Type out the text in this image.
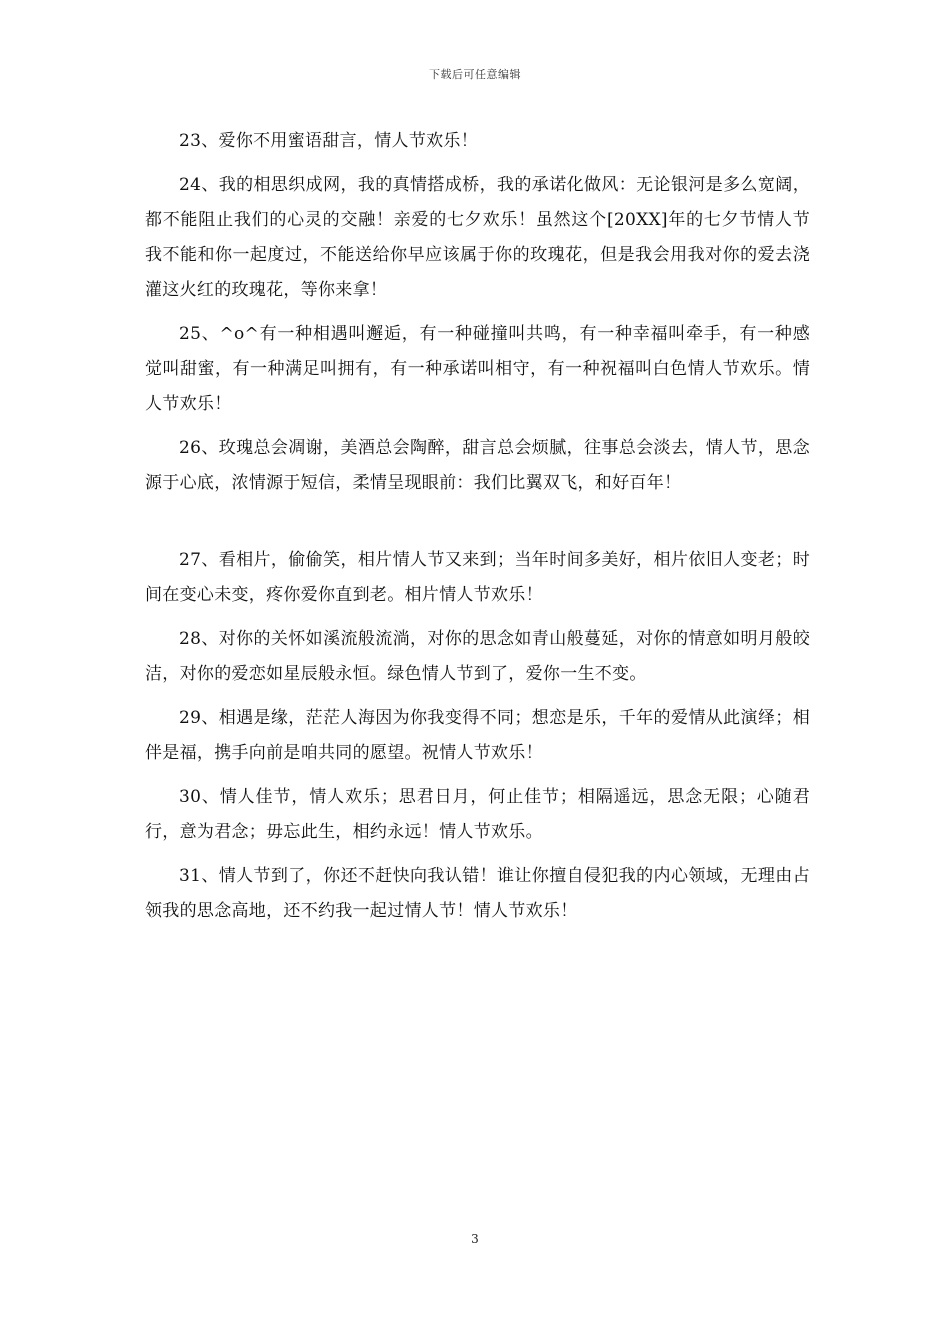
下载后可任意编辑

23、爱你不用蜜语甜言，情人节欢乐！

24、我的相思织成网，我的真情搭成桥，我的承诺化做风：无论银河是多么宽阔，都不能阻止我们的心灵的交融！亲爱的七夕欢乐！虽然这个[20XX]年的七夕节情人节我不能和你一起度过，不能送给你早应该属于你的玫瑰花，但是我会用我对你的爱去浇灌这火红的玫瑰花，等你来拿！

25、^o^有一种相遇叫邂逅，有一种碰撞叫共鸣，有一种幸福叫牵手，有一种感觉叫甜蜜，有一种满足叫拥有，有一种承诺叫相守，有一种祝福叫白色情人节欢乐。情人节欢乐！

26、玫瑰总会凋谢，美酒总会陶醉，甜言总会烦腻，往事总会淡去，情人节，思念源于心底，浓情源于短信，柔情呈现眼前：我们比翼双飞，和好百年！

27、看相片，偷偷笑，相片情人节又来到；当年时间多美好，相片依旧人变老；时间在变心未变，疼你爱你直到老。相片情人节欢乐！

28、对你的关怀如溪流般流淌，对你的思念如青山般蔓延，对你的情意如明月般皎洁，对你的爱恋如星辰般永恒。绿色情人节到了，爱你一生不变。

29、相遇是缘，茫茫人海因为你我变得不同；想恋是乐，千年的爱情从此演绎；相伴是福，携手向前是咱共同的愿望。祝情人节欢乐！

30、情人佳节，情人欢乐；思君日月，何止佳节；相隔遥远，思念无限；心随君行，意为君念；毋忘此生，相约永远！情人节欢乐。

31、情人节到了，你还不赶快向我认错！谁让你擅自侵犯我的内心领域，无理由占领我的思念高地，还不约我一起过情人节！情人节欢乐！

3
